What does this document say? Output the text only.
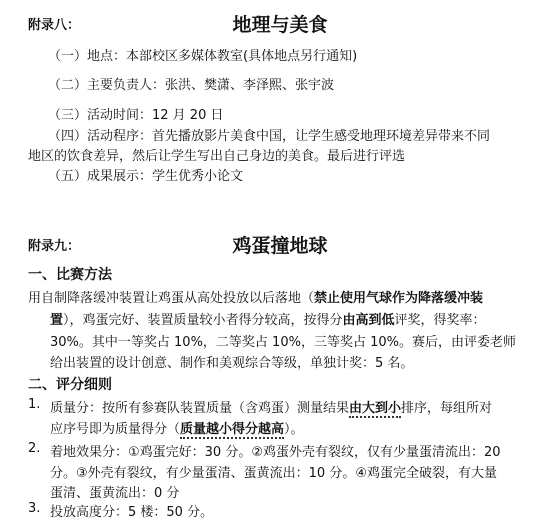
附录八：	地理与美食
（一）地点：本部校区多媒体教室(具体地点另行通知)
（二）主要负责人：张洪、樊潇、李泽熙、张宇波
（三）活动时间：12 月 20 日
（四）活动程序：首先播放影片美食中国，让学生感受地理环境差异带来不同
地区的饮食差异，然后让学生写出自己身边的美食。最后进行评选
（五）成果展示：学生优秀小论文
附录九：	鸡蛋撞地球
一、比赛方法
用自制降落缓冲装置让鸡蛋从高处投放以后落地（禁止使用气球作为降落缓冲装
置），鸡蛋完好、装置质量较小者得分较高，按得分由高到低评奖，得奖率：
30%。其中一等奖占 10%，二等奖占 10%，三等奖占 10%。赛后，由评委老师
给出装置的设计创意、制作和美观综合等级，单独计奖：5 名。
二、评分细则
1. 质量分：按所有参赛队装置质量（含鸡蛋）测量结果由大到小排序，每组所对
应序号即为质量得分（质量越小得分越高）。
2. 着地效果分：①鸡蛋完好：30 分。②鸡蛋外壳有裂纹，仅有少量蛋清流出：20
分。③外壳有裂纹，有少量蛋清、蛋黄流出：10 分。④鸡蛋完全破裂，有大量
蛋清、蛋黄流出：0 分
3. 投放高度分：5 楼：50 分。
